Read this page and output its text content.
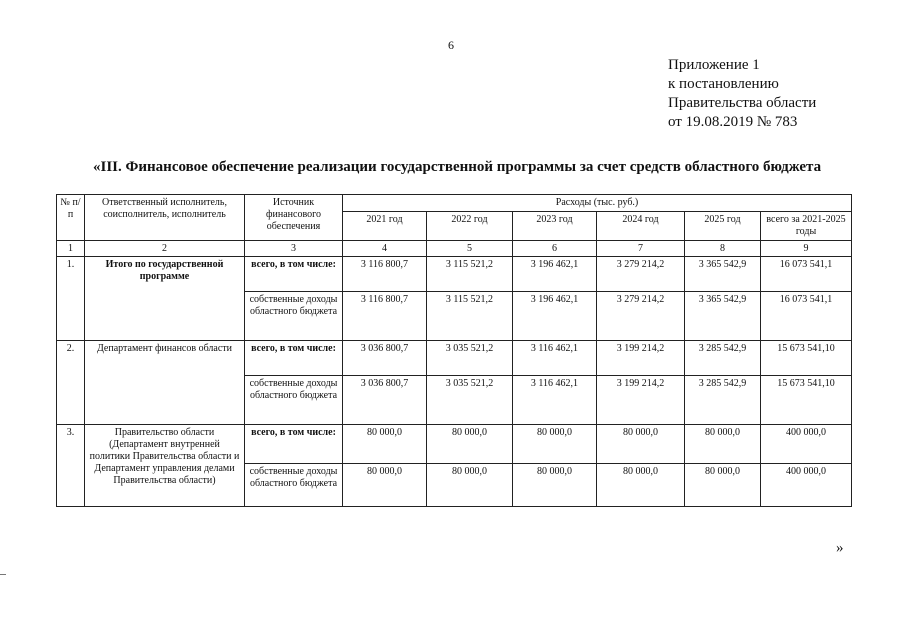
6
Приложение 1
к постановлению
Правительства области
от 19.08.2019 № 783
«III. Финансовое обеспечение реализации государственной программы за счет средств областного бюджета
№ п/п	Ответственный исполнитель, соисполнитель, исполнитель	Источник финансового обеспечения	Расходы (тыс. руб.)					
			2021 год	2022 год	2023 год	2024 год	2025 год	всего за 2021-2025 годы
1	2	3	4	5	6	7	8	9
1.	Итого по государственной программе	всего, в том числе:	3 116 800,7	3 115 521,2	3 196 462,1	3 279 214,2	3 365 542,9	16 073 541,1
		собственные доходы областного бюджета	3 116 800,7	3 115 521,2	3 196 462,1	3 279 214,2	3 365 542,9	16 073 541,1
2.	Департамент финансов области	всего, в том числе:	3 036 800,7	3 035 521,2	3 116 462,1	3 199 214,2	3 285 542,9	15 673 541,10
		собственные доходы областного бюджета	3 036 800,7	3 035 521,2	3 116 462,1	3 199 214,2	3 285 542,9	15 673 541,10
3.	Правительство области (Департамент внутренней политики Правительства области и Департамент управления делами Правительства области)	всего, в том числе:	80 000,0	80 000,0	80 000,0	80 000,0	80 000,0	400 000,0
		собственные доходы областного бюджета	80 000,0	80 000,0	80 000,0	80 000,0	80 000,0	400 000,0
»
